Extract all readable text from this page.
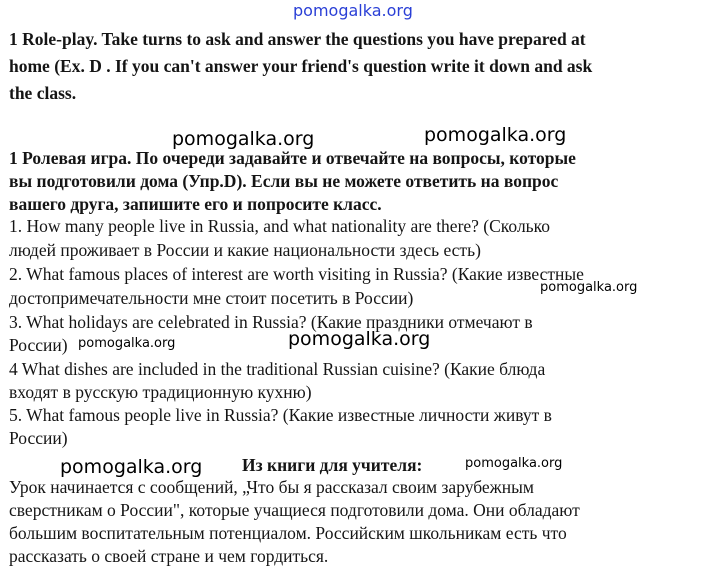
pomogalka.org
pomogalka.org	pomogalka.org
pomogalka.org
pomogalka.org	pomogalka.org
pomogalka.org	pomogalka.org
1 Role-play. Take turns to ask and answer the questions you have prepared at
home (Ex. D . If you can't answer your friend's question write it down and ask
the class.
1 Ролевая игра. По очереди задавайте и отвечайте на вопросы, которые
вы подготовили дома (Упр.D). Если вы не можете ответить на вопрос
вашего друга, запишите его и попросите класс.
1. How many people live in Russia, and what nationality are there? (Сколько
людей проживает в России и какие национальности здесь есть)
2. What famous places of interest are worth visiting in Russia? (Какие известные
достопримечательности мне стоит посетить в России)
3. What holidays are celebrated in Russia? (Какие праздники отмечают в
России)
4 What dishes are included in the traditional Russian cuisine? (Какие блюда
входят в русскую традиционную кухню)
5. What famous people live in Russia? (Какие известные личности живут в
России)
Из книги для учителя:
Урок начинается с сообщений, „Что бы я рассказал своим зарубежным
сверстникам о России", которые учащиеся подготовили дома. Они обладают
большим воспитательным потенциалом. Российским школьникам есть что
рассказать о своей стране и чем гордиться.
